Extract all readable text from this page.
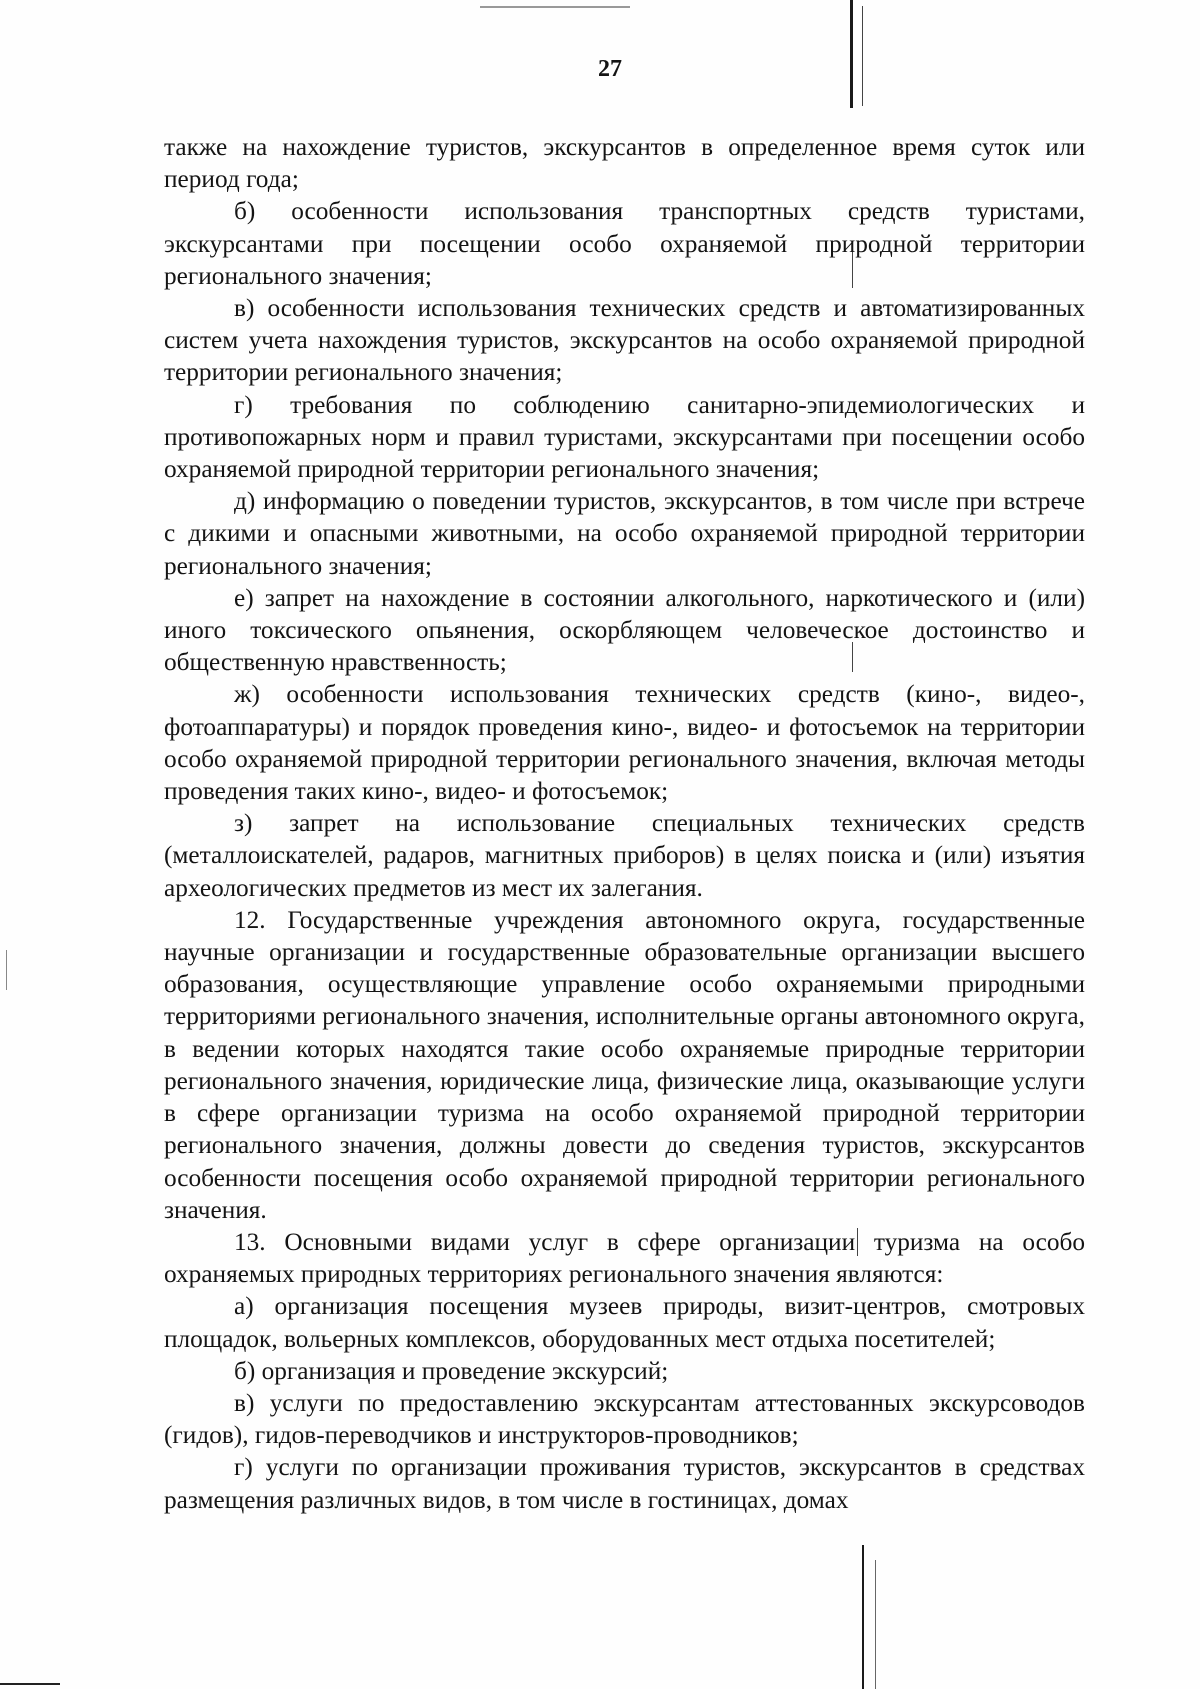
27

также на нахождение туристов, экскурсантов в определенное время суток или период года;

б) особенности использования транспортных средств туристами, экскурсантами при посещении особо охраняемой природной территории регионального значения;

в) особенности использования технических средств и автоматизированных систем учета нахождения туристов, экскурсантов на особо охраняемой природной территории регионального значения;

г) требования по соблюдению санитарно-эпидемиологических и противопожарных норм и правил туристами, экскурсантами при посещении особо охраняемой природной территории регионального значения;

д) информацию о поведении туристов, экскурсантов, в том числе при встрече с дикими и опасными животными, на особо охраняемой природной территории регионального значения;

е) запрет на нахождение в состоянии алкогольного, наркотического и (или) иного токсического опьянения, оскорбляющем человеческое достоинство и общественную нравственность;

ж) особенности использования технических средств (кино-, видео-, фотоаппаратуры) и порядок проведения кино-, видео- и фотосъемок на территории особо охраняемой природной территории регионального значения, включая методы проведения таких кино-, видео- и фотосъемок;

з) запрет на использование специальных технических средств (металлоискателей, радаров, магнитных приборов) в целях поиска и (или) изъятия археологических предметов из мест их залегания.

12. Государственные учреждения автономного округа, государственные научные организации и государственные образовательные организации высшего образования, осуществляющие управление особо охраняемыми природными территориями регионального значения, исполнительные органы автономного округа, в ведении которых находятся такие особо охраняемые природные территории регионального значения, юридические лица, физические лица, оказывающие услуги в сфере организации туризма на особо охраняемой природной территории регионального значения, должны довести до сведения туристов, экскурсантов особенности посещения особо охраняемой природной территории регионального значения.

13. Основными видами услуг в сфере организации туризма на особо охраняемых природных территориях регионального значения являются:

а) организация посещения музеев природы, визит-центров, смотровых площадок, вольерных комплексов, оборудованных мест отдыха посетителей;

б) организация и проведение экскурсий;

в) услуги по предоставлению экскурсантам аттестованных экскурсоводов (гидов), гидов-переводчиков и инструкторов-проводников;

г) услуги по организации проживания туристов, экскурсантов в средствах размещения различных видов, в том числе в гостиницах, домах
